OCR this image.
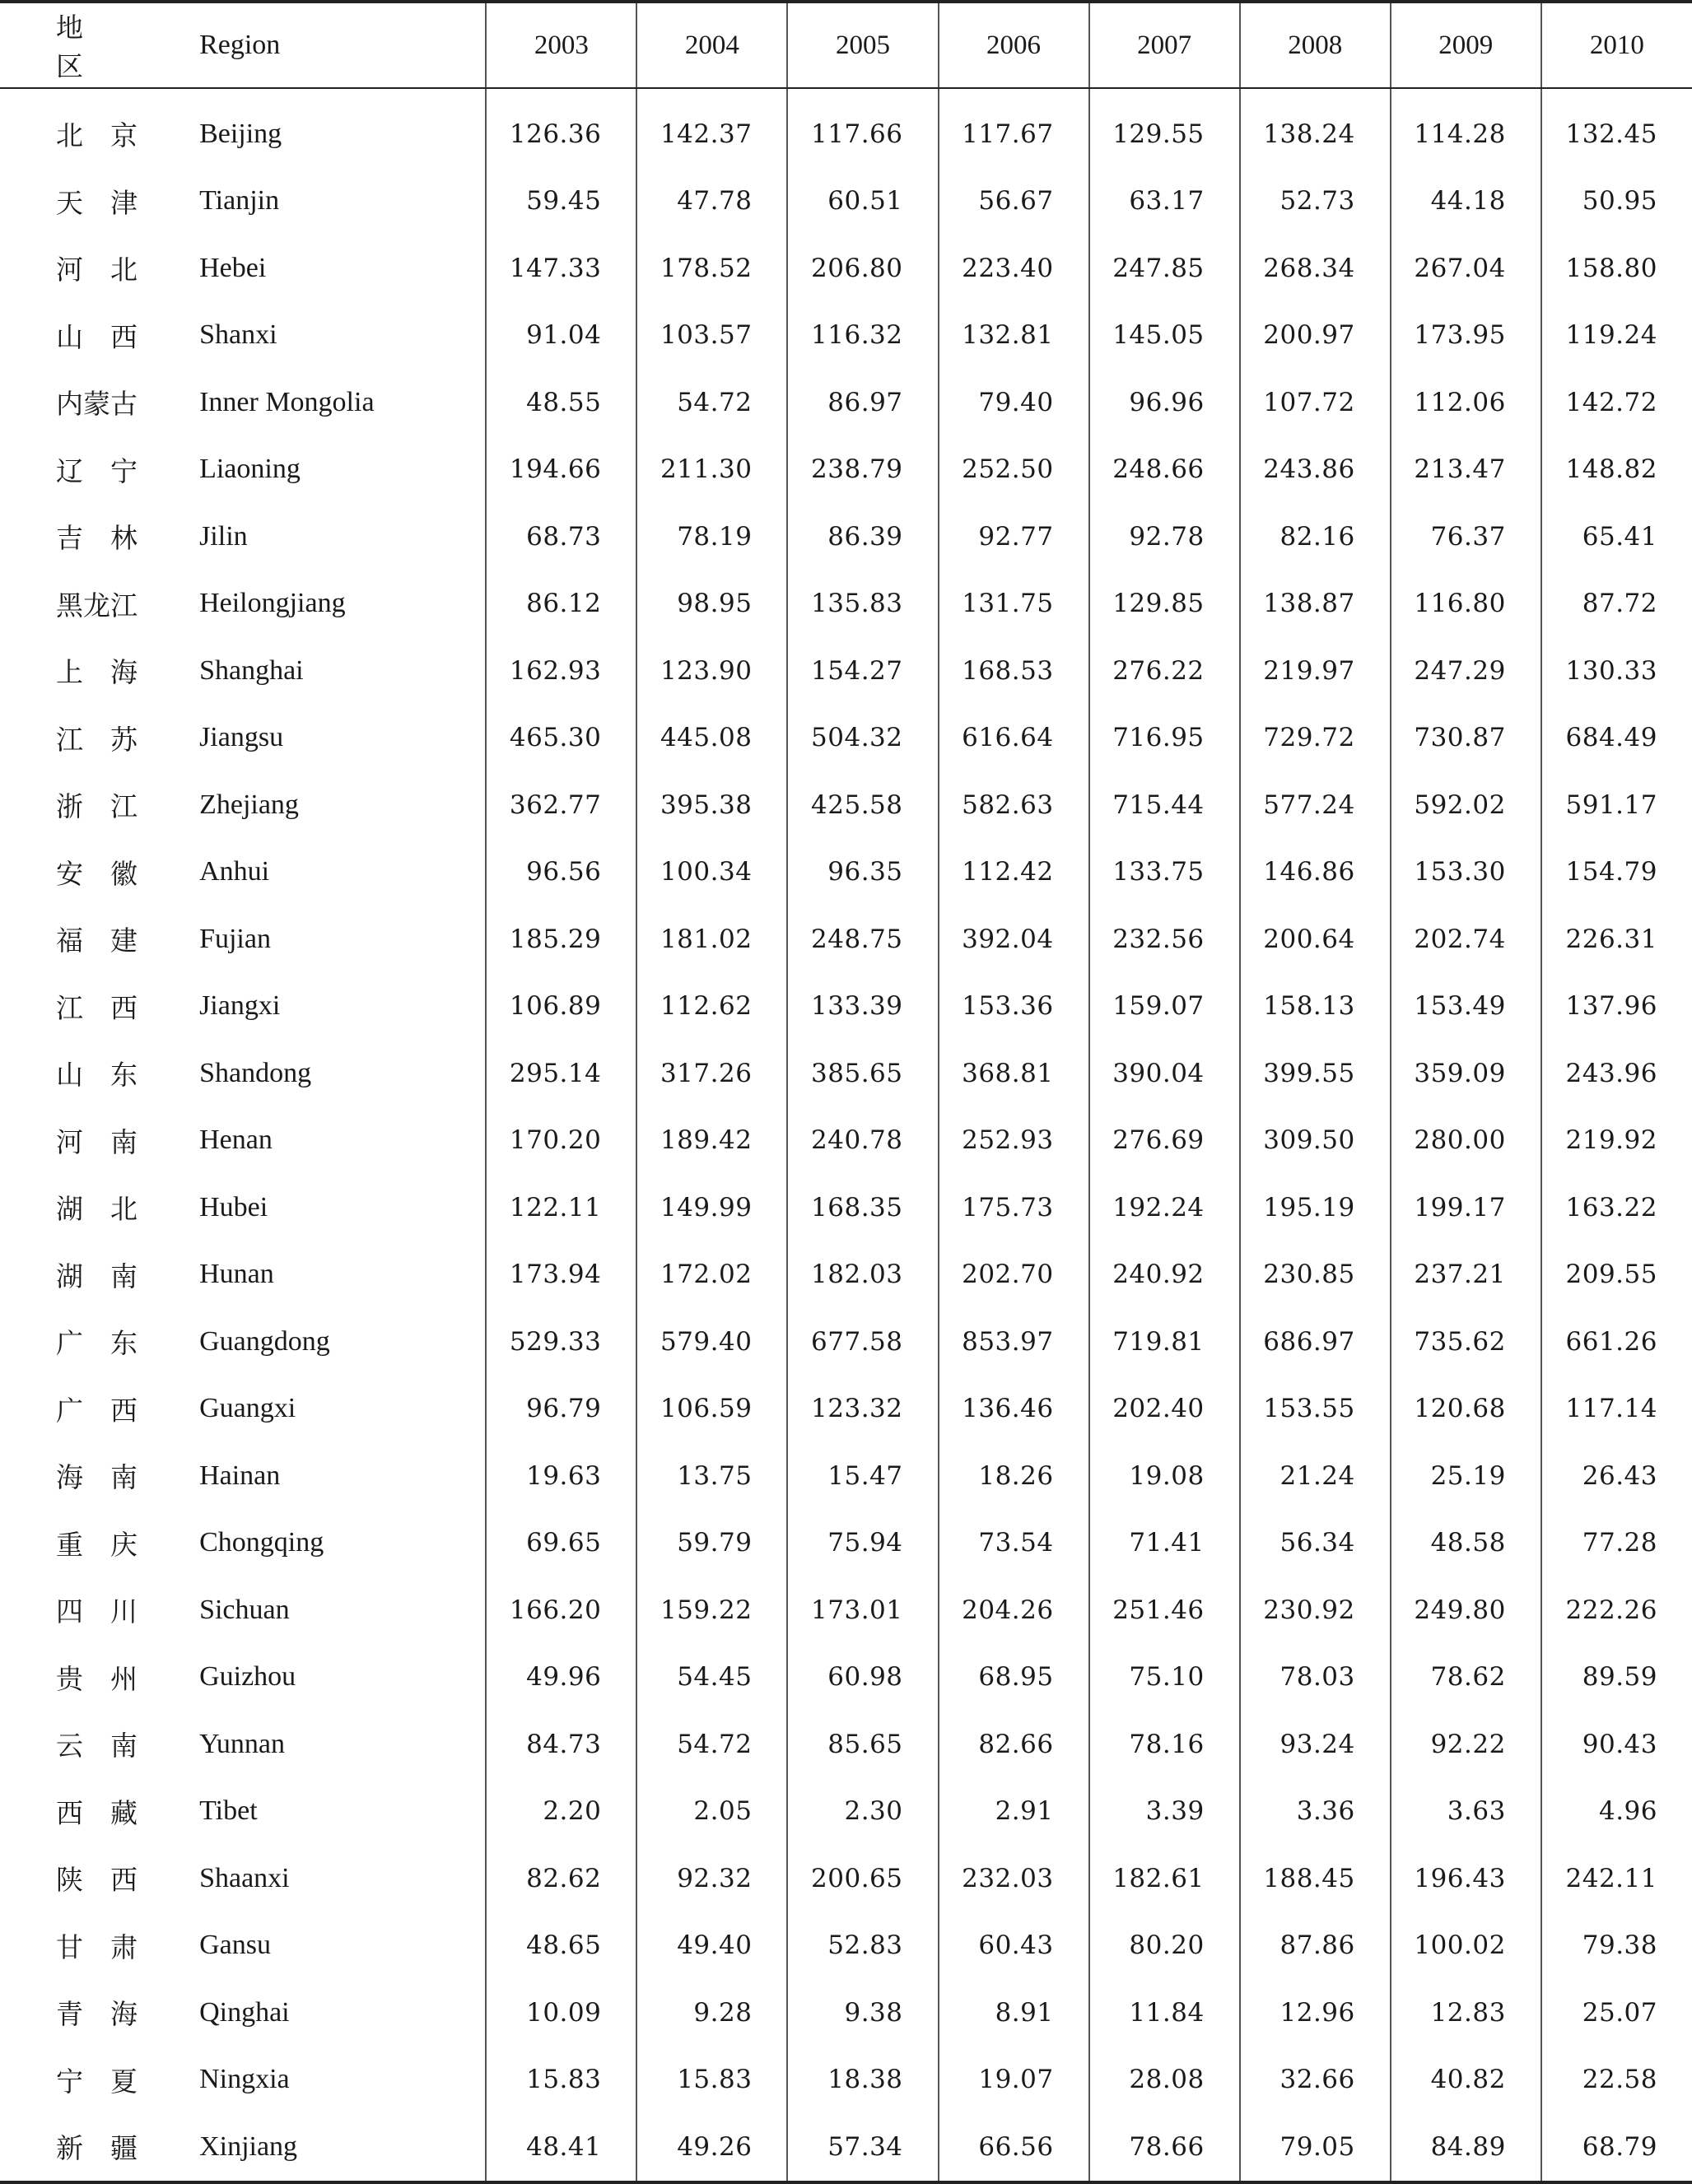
地区	Region	2003	2004	2005	2006	2007	2008	2009	2010
北　京	Beijing	126.36	142.37	117.66	117.67	129.55	138.24	114.28	132.45
天　津	Tianjin	59.45	47.78	60.51	56.67	63.17	52.73	44.18	50.95
河　北	Hebei	147.33	178.52	206.80	223.40	247.85	268.34	267.04	158.80
山　西	Shanxi	91.04	103.57	116.32	132.81	145.05	200.97	173.95	119.24
内蒙古	Inner Mongolia	48.55	54.72	86.97	79.40	96.96	107.72	112.06	142.72
辽　宁	Liaoning	194.66	211.30	238.79	252.50	248.66	243.86	213.47	148.82
吉　林	Jilin	68.73	78.19	86.39	92.77	92.78	82.16	76.37	65.41
黑龙江	Heilongjiang	86.12	98.95	135.83	131.75	129.85	138.87	116.80	87.72
上　海	Shanghai	162.93	123.90	154.27	168.53	276.22	219.97	247.29	130.33
江　苏	Jiangsu	465.30	445.08	504.32	616.64	716.95	729.72	730.87	684.49
浙　江	Zhejiang	362.77	395.38	425.58	582.63	715.44	577.24	592.02	591.17
安　徽	Anhui	96.56	100.34	96.35	112.42	133.75	146.86	153.30	154.79
福　建	Fujian	185.29	181.02	248.75	392.04	232.56	200.64	202.74	226.31
江　西	Jiangxi	106.89	112.62	133.39	153.36	159.07	158.13	153.49	137.96
山　东	Shandong	295.14	317.26	385.65	368.81	390.04	399.55	359.09	243.96
河　南	Henan	170.20	189.42	240.78	252.93	276.69	309.50	280.00	219.92
湖　北	Hubei	122.11	149.99	168.35	175.73	192.24	195.19	199.17	163.22
湖　南	Hunan	173.94	172.02	182.03	202.70	240.92	230.85	237.21	209.55
广　东	Guangdong	529.33	579.40	677.58	853.97	719.81	686.97	735.62	661.26
广　西	Guangxi	96.79	106.59	123.32	136.46	202.40	153.55	120.68	117.14
海　南	Hainan	19.63	13.75	15.47	18.26	19.08	21.24	25.19	26.43
重　庆	Chongqing	69.65	59.79	75.94	73.54	71.41	56.34	48.58	77.28
四　川	Sichuan	166.20	159.22	173.01	204.26	251.46	230.92	249.80	222.26
贵　州	Guizhou	49.96	54.45	60.98	68.95	75.10	78.03	78.62	89.59
云　南	Yunnan	84.73	54.72	85.65	82.66	78.16	93.24	92.22	90.43
西　藏	Tibet	2.20	2.05	2.30	2.91	3.39	3.36	3.63	4.96
陕　西	Shaanxi	82.62	92.32	200.65	232.03	182.61	188.45	196.43	242.11
甘　肃	Gansu	48.65	49.40	52.83	60.43	80.20	87.86	100.02	79.38
青　海	Qinghai	10.09	9.28	9.38	8.91	11.84	12.96	12.83	25.07
宁　夏	Ningxia	15.83	15.83	18.38	19.07	28.08	32.66	40.82	22.58
新　疆	Xinjiang	48.41	49.26	57.34	66.56	78.66	79.05	84.89	68.79
